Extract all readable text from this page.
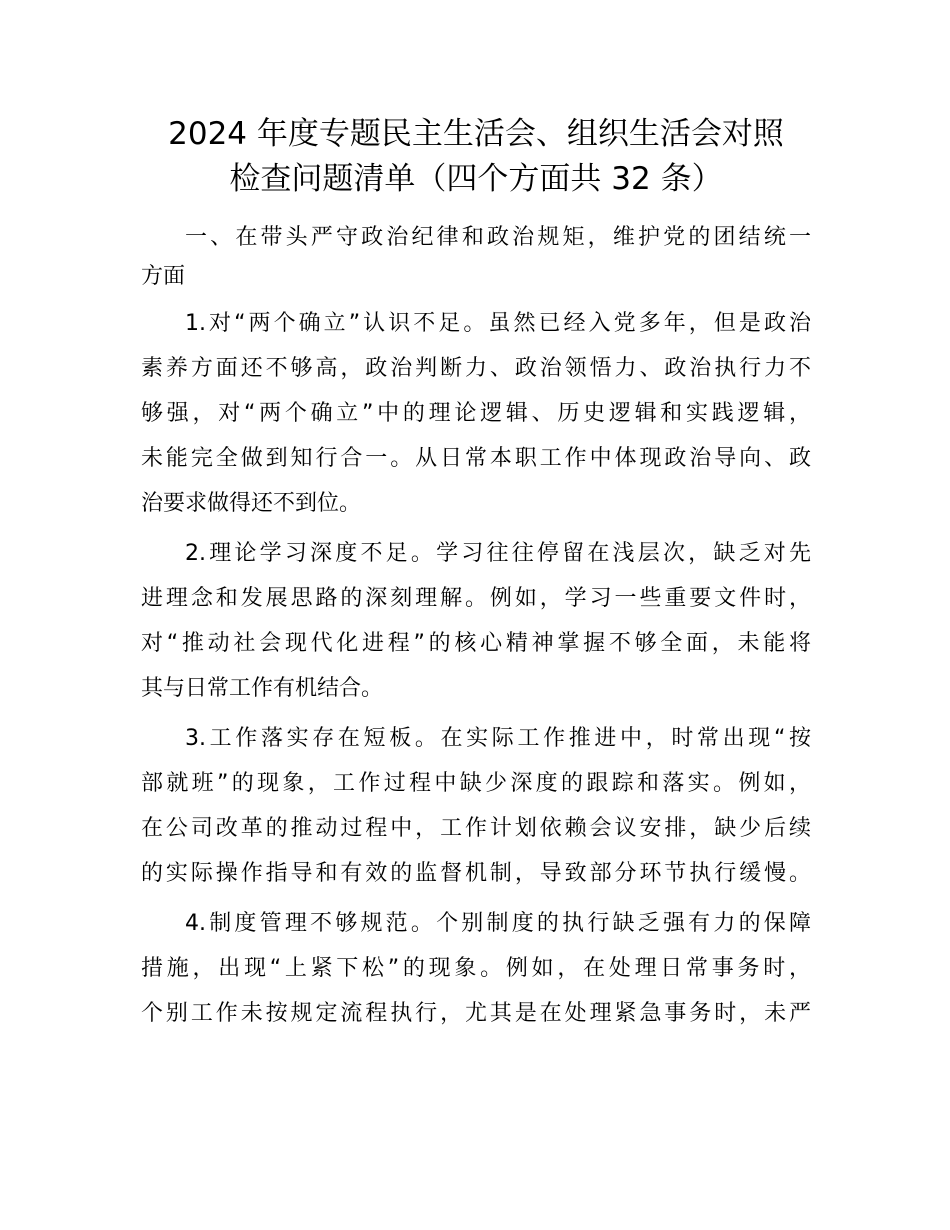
2024 年度专题民主生活会、组织生活会对照
检查问题清单（四个方面共 32 条）
一、在带头严守政治纪律和政治规矩，维护党的团结统一
方面
1.对“两个确立”认识不足。虽然已经入党多年，但是政治
素养方面还不够高，政治判断力、政治领悟力、政治执行力不
够强，对“两个确立”中的理论逻辑、历史逻辑和实践逻辑，
未能完全做到知行合一。从日常本职工作中体现政治导向、政
治要求做得还不到位。
2.理论学习深度不足。学习往往停留在浅层次，缺乏对先
进理念和发展思路的深刻理解。例如，学习一些重要文件时，
对“推动社会现代化进程”的核心精神掌握不够全面，未能将
其与日常工作有机结合。
3.工作落实存在短板。在实际工作推进中，时常出现“按
部就班”的现象，工作过程中缺少深度的跟踪和落实。例如，
在公司改革的推动过程中，工作计划依赖会议安排，缺少后续
的实际操作指导和有效的监督机制，导致部分环节执行缓慢。
4.制度管理不够规范。个别制度的执行缺乏强有力的保障
措施，出现“上紧下松”的现象。例如，在处理日常事务时，
个别工作未按规定流程执行，尤其是在处理紧急事务时，未严
